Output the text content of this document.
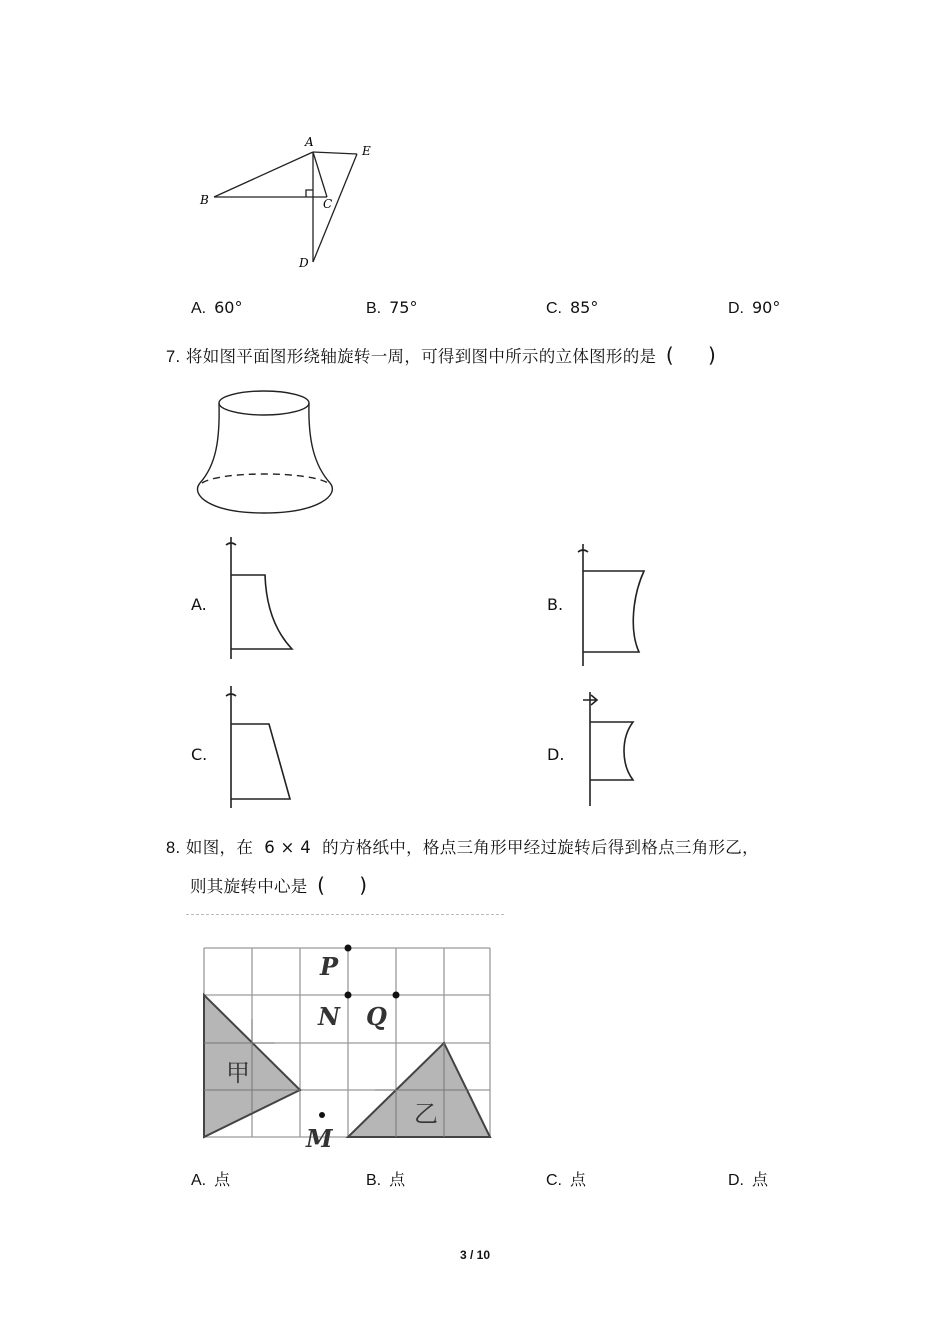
A
B	C
D
E
A. 60°	B. 75°	C. 85°	D. 90°
7. 将如图平面图形绕轴旋转一周，可得到图中所示的立体图形的是 ( )
A.	B.
C.	D.
8. 如图，在  6 × 4  的方格纸中，格点三角形甲经过旋转后得到格点三角形乙，
则其旋转中心是 ( )
P
N Q
M
甲
乙
A. 点	B. 点	C. 点	D. 点
3 / 10
